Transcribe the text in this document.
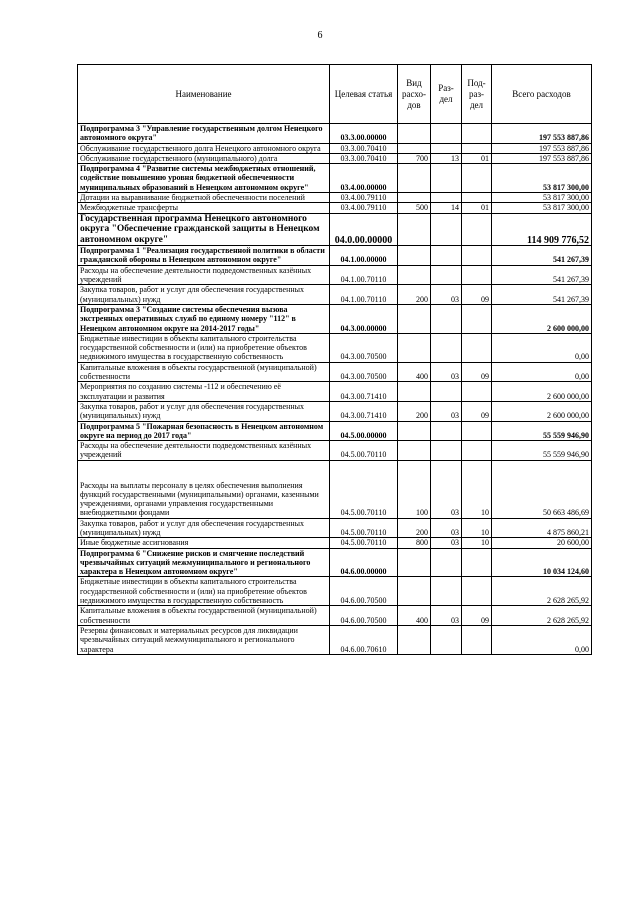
6
Наименование	Целевая статья	Вид расхо-дов	Раз-дел	Под-раз-дел	Всего расходов
Подпрограмма 3 "Управление государственным долгом Ненецкого автономного округа"	03.3.00.00000				197 553 887,86
Обслуживание государственного долга Ненецкого автономного округа	03.3.00.70410				197 553 887,86
Обслуживание государственного (муниципального) долга	03.3.00.70410	700	13	01	197 553 887,86
Подпрограмма 4 "Развитие системы межбюджетных отношений, содействие повышению уровня бюджетной обеспеченности муниципальных образований в Ненецком автономном округе"	03.4.00.00000				53 817 300,00
Дотации на выравнивание бюджетной обеспеченности поселений	03.4.00.79110				53 817 300,00
Межбюджетные трансферты	03.4.00.79110	500	14	01	53 817 300,00
Государственная программа Ненецкого автономного округа "Обеспечение гражданской защиты в Ненецком автономном округе"	04.0.00.00000				114 909 776,52
Подпрограмма 1 "Реализация государственной политики в области гражданской обороны в Ненецком автономном округе"	04.1.00.00000				541 267,39
Расходы на обеспечение деятельности подведомственных казённых учреждений	04.1.00.70110				541 267,39
Закупка товаров, работ и услуг для обеспечения государственных (муниципальных) нужд	04.1.00.70110	200	03	09	541 267,39
Подпрограмма 3 "Создание системы обеспечения вызова экстренных оперативных служб по единому номеру "112" в Ненецком автономном округе на 2014-2017 годы"	04.3.00.00000				2 600 000,00
Бюджетные инвестиции в объекты капитального строительства государственной собственности и (или) на приобретение объектов недвижимого имущества в государственную собственность	04.3.00.70500				0,00
Капитальные вложения в объекты государственной (муниципальной) собственности	04.3.00.70500	400	03	09	0,00
Мероприятия по созданию системы -112 и обеспечению её эксплуатации и развития	04.3.00.71410				2 600 000,00
Закупка товаров, работ и услуг для обеспечения государственных (муниципальных) нужд	04.3.00.71410	200	03	09	2 600 000,00
Подпрограмма 5 "Пожарная безопасность в Ненецком автономном округе на период до 2017 года"	04.5.00.00000				55 559 946,90
Расходы на обеспечение деятельности подведомственных казённых учреждений	04.5.00.70110				55 559 946,90
Расходы на выплаты персоналу в целях обеспечения выполнения функций государственными (муниципальными) органами, казенными учреждениями, органами управления государственными внебюджетными фондами	04.5.00.70110	100	03	10	50 663 486,69
Закупка товаров, работ и услуг для обеспечения государственных (муниципальных) нужд	04.5.00.70110	200	03	10	4 875 860,21
Иные бюджетные ассигнования	04.5.00.70110	800	03	10	20 600,00
Подпрограмма 6 "Снижение рисков и смягчение последствий чрезвычайных ситуаций межмуниципального и регионального характера в Ненецком автономном округе"	04.6.00.00000				10 034 124,60
Бюджетные инвестиции в объекты капитального строительства государственной собственности и (или) на приобретение объектов недвижимого имущества в государственную собственность	04.6.00.70500				2 628 265,92
Капитальные вложения в объекты государственной (муниципальной) собственности	04.6.00.70500	400	03	09	2 628 265,92
Резервы финансовых и материальных ресурсов для ликвидации чрезвычайных ситуаций межмуниципального и регионального характера	04.6.00.70610				0,00
